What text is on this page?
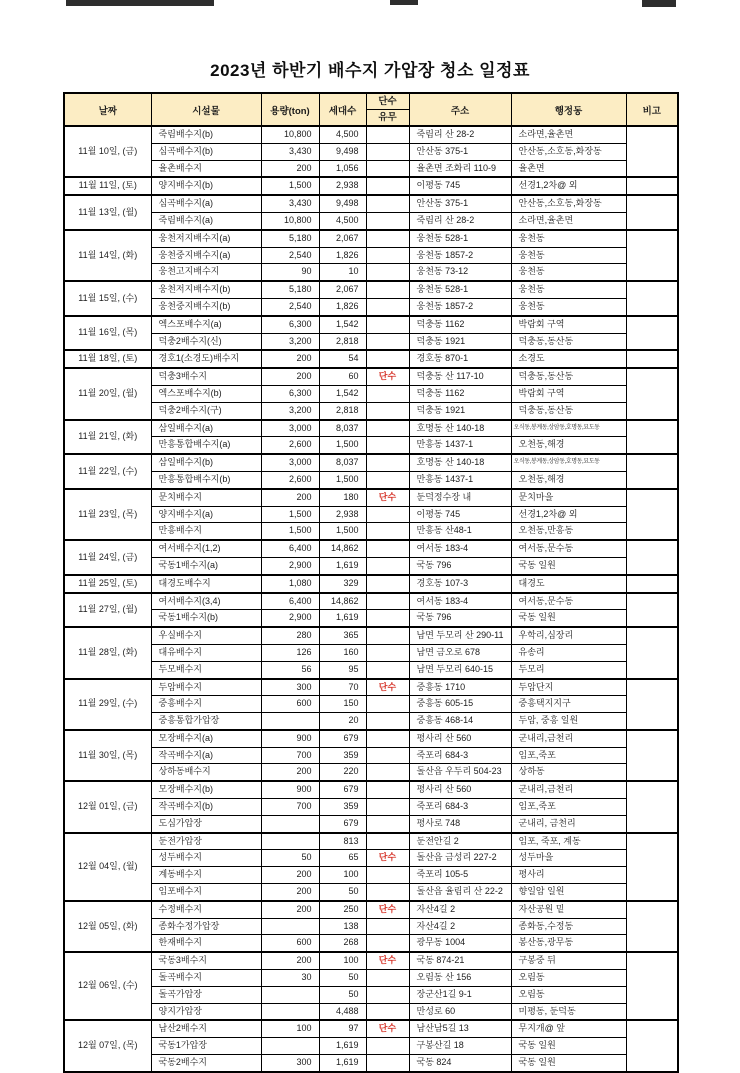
2023년 하반기 배수지 가압장 청소 일정표
날짜	시설물	용량(ton)	세대수	단수
유무	주소	행정동	비고
11월 10일, (금)	죽림배수지(b)	10,800	4,500		죽림리 산 28-2	소라면,율촌면	
	심곡배수지(b)	3,430	9,498		안산동 375-1	안산동,소호동,화장동	
	율촌배수지	200	1,056		율촌면 조화리 110-9	율촌면	
11월 11일, (토)	양지배수지(b)	1,500	2,938		이평동 745	선경1,2차@ 외	
11월 13일, (월)	심곡배수지(a)	3,430	9,498		안산동 375-1	안산동,소호동,화장동	
	죽림배수지(a)	10,800	4,500		죽림리 산 28-2	소라면,율촌면	
11월 14일, (화)	웅천저지배수지(a)	5,180	2,067		웅천동 528-1	웅천동	
	웅천중지배수지(a)	2,540	1,826		웅천동 1857-2	웅천동	
	웅천고지배수지	90	10		웅천동 73-12	웅천동	
11월 15일, (수)	웅천저지배수지(b)	5,180	2,067		웅천동 528-1	웅천동	
	웅천중지배수지(b)	2,540	1,826		웅천동 1857-2	웅천동	
11월 16일, (목)	엑스포배수지(a)	6,300	1,542		덕충동 1162	박람회 구역	
	덕충2배수지(신)	3,200	2,818		덕충동 1921	덕충동,동산동	
11월 18일, (토)	경호1(소경도)배수지	200	54		경호동 870-1	소경도	
11월 20일, (월)	덕충3배수지	200	60	단수	덕충동 산 117-10	덕충동,동산동	
	엑스포배수지(b)	6,300	1,542		덕충동 1162	박람회 구역	
	덕충2배수지(구)	3,200	2,818		덕충동 1921	덕충동,동산동	
11월 21일, (화)	삼일배수지(a)	3,000	8,037		호명동 산 140-18	오식동,봉계동,상암동,호명동,묘도동	
	만흥통합배수지(a)	2,600	1,500		만흥동 1437-1	오천동,해경	
11월 22일, (수)	삼일배수지(b)	3,000	8,037		호명동 산 140-18	오식동,봉계동,상암동,호명동,묘도동	
	만흥통합배수지(b)	2,600	1,500		만흥동 1437-1	오천동,해경	
11월 23일, (목)	문치배수지	200	180	단수	둔덕정수장 내	문치마을	
	양지배수지(a)	1,500	2,938		이평동 745	선경1,2차@ 외	
	만흥배수지	1,500	1,500		만흥동 산48-1	오천동,만흥동	
11월 24일, (금)	여서배수지(1,2)	6,400	14,862		여서동 183-4	여서동,문수동	
	국동1배수지(a)	2,900	1,619		국동 796	국동 일원	
11월 25일, (토)	대경도배수지	1,080	329		경호동 107-3	대경도	
11월 27일, (월)	여서배수지(3,4)	6,400	14,862		여서동 183-4	여서동,문수동	
	국동1배수지(b)	2,900	1,619		국동 796	국동 일원	
11월 28일, (화)	우실배수지	280	365		남면 두모리 산 290-11	우학리,심장리	
	대유배수지	126	160		남면 금오로 678	유송리	
	두모배수지	56	95		남면 두모리 640-15	두모리	
11월 29일, (수)	두암배수지	300	70	단수	중흥동 1710	두암단지	
	중흥배수지	600	150		중흥동 605-15	중흥택지지구	
	중흥통합가압장		20		중흥동 468-14	두암, 중흥 일원	
11월 30일, (목)	모장배수지(a)	900	679		평사리 산 560	군내리,금천리	
	작곡배수지(a)	700	359		죽포리 684-3	임포,죽포	
	상하동배수지	200	220		돌산읍 우두리 504-23	상하동	
12월 01일, (금)	모장배수지(b)	900	679		평사리 산 560	군내리,금천리	
	작곡배수지(b)	700	359		죽포리 684-3	임포,죽포	
	도심가압장		679		평사로 748	군내리, 금천리	
12월 04일, (월)	둔전가압장		813		둔전안길 2	임포, 죽포, 계동	
	성두배수지	50	65	단수	돌산읍 금성리 227-2	성두마을	
	계동배수지	200	100		죽포리 105-5	평사리	
	임포배수지	200	50		돌산읍 율림리 산 22-2	향일암 일원	
12월 05일, (화)	수정배수지	200	250	단수	자산4길 2	자산공원 밑	
	종화수정가압장		138		자산4길 2	종화동,수정동	
	한재배수지	600	268		광무동 1004	봉산동,광무동	
12월 06일, (수)	국동3배수지	200	100	단수	국동 874-21	구봉중 뒤	
	돌곡배수지	30	50		오림동 산 156	오림동	
	돌곡가압장		50		장군산1길 9-1	오림동	
	양지가압장		4,488		만성로 60	미평동, 둔덕동	
12월 07일, (목)	남산2배수지	100	97	단수	남산남5길 13	무지개@ 앞	
	국동1가압장		1,619		구봉산길 18	국동 일원	
	국동2배수지	300	1,619		국동 824	국동 일원	
